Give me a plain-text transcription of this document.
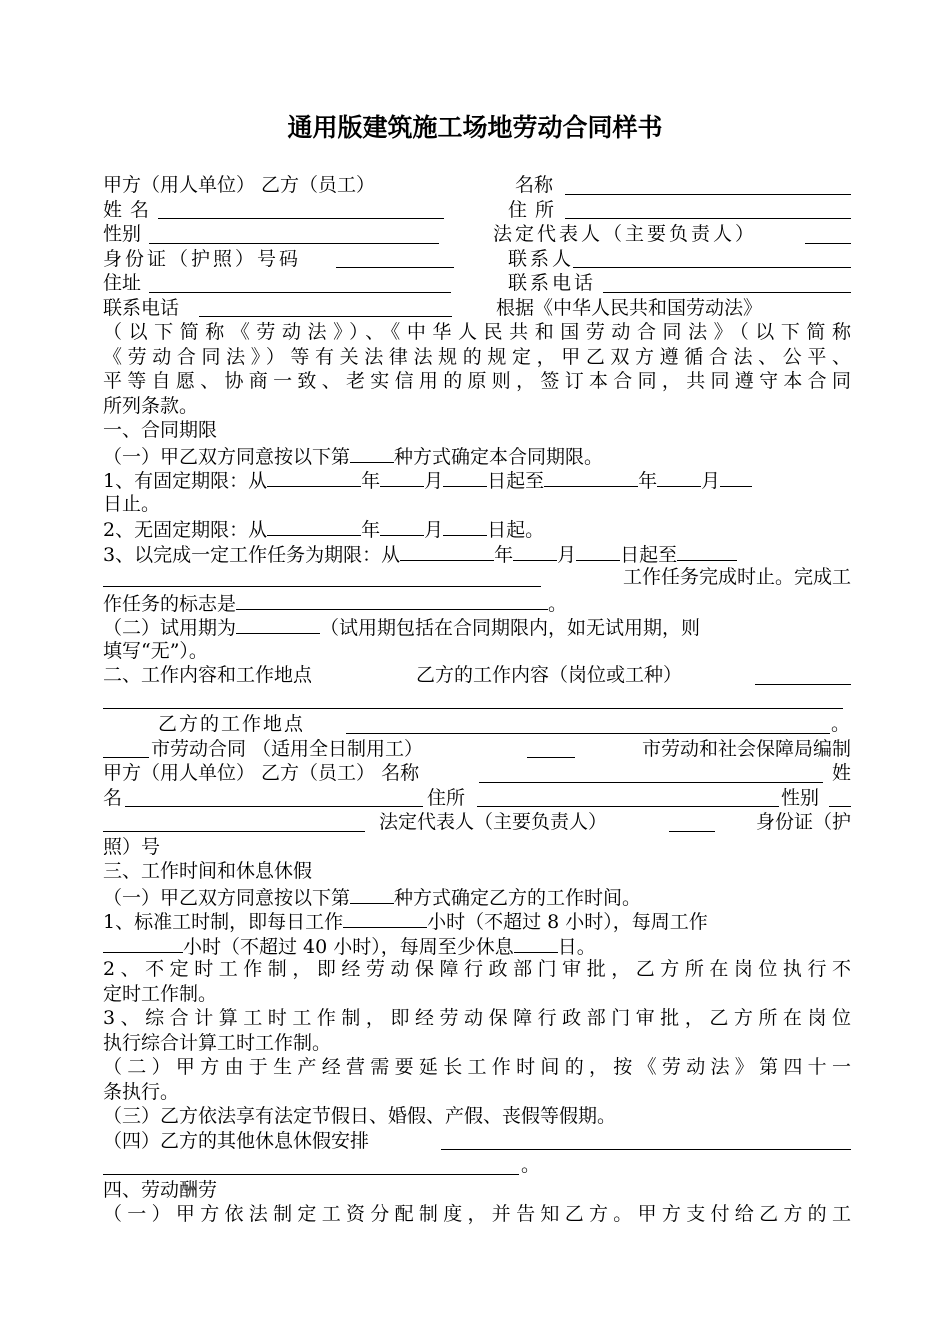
通用版建筑施工场地劳动合同样书
甲方（用人单位） 乙方（员工）	名称
姓名	住所
性别	法定代表人（主要负责人）
身份证（护照）号码	联系人
住址	联系电话
联系电话	根据《中华人民共和国劳动法》
（以下简称《劳动法》）、《中华人民共和国劳动合同法》（以下简称
《劳动合同法》）等有关法律法规的规定，甲乙双方遵循合法、公平、
平等自愿、协商一致、老实信用的原则，签订本合同，共同遵守本合同
所列条款。
一、合同期限
（一）甲乙双方同意按以下第 种方式确定本合同期限。
1、有固定期限：从	年 月 日起至	年 月
日止。
2、无固定期限：从	年 月 日起。
3、以完成一定工作任务为期限：从	年 月 日起至
工作任务完成时止。完成工
作任务的标志是	。
（二）试用期为	（试用期包括在合同期限内，如无试用期，则
填写“无”）。
二、工作内容和工作地点	乙方的工作内容（岗位或工种）
乙方的工作地点	。
市劳动合同 （适用全日制用工）	市劳动和社会保障局编制
甲方（用人单位） 乙方（员工） 名称	姓
名	住所	性别
法定代表人（主要负责人）	身份证（护
照）号
三、工作时间和休息休假
（一）甲乙双方同意按以下第 种方式确定乙方的工作时间。
1、标准工时制，即每日工作	小时（不超过 8 小时），每周工作
小时（不超过 40 小时），每周至少休息 日。
2、不定时工作制，即经劳动保障行政部门审批，乙方所在岗位执行不
定时工作制。
3、综合计算工时工作制，即经劳动保障行政部门审批，乙方所在岗位
执行综合计算工时工作制。
（二）甲方由于生产经营需要延长工作时间的，按《劳动法》第四十一
条执行。
（三）乙方依法享有法定节假日、婚假、产假、丧假等假期。
（四）乙方的其他休息休假安排
。
四、劳动酬劳
（一）甲方依法制定工资分配制度，并告知乙方。甲方支付给乙方的工
